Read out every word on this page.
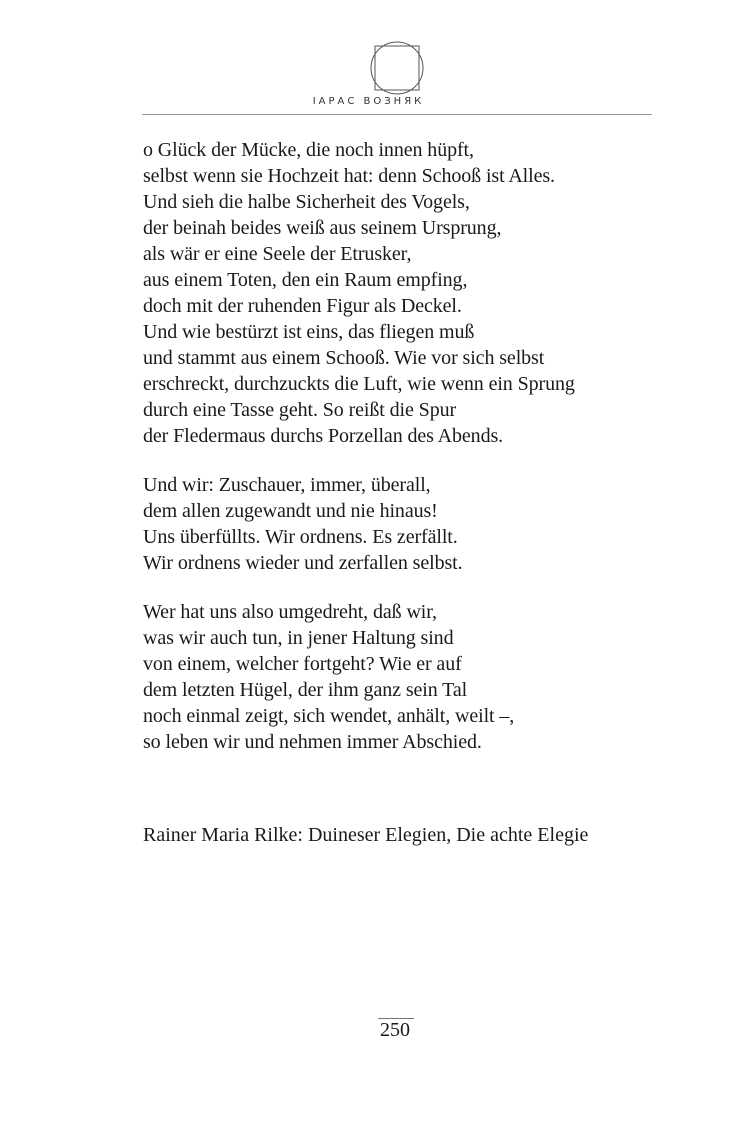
ІАРАС ВОЗНЯК
o Glück der Mücke, die noch innen hüpft,
selbst wenn sie Hochzeit hat: denn Schooß ist Alles.
Und sieh die halbe Sicherheit des Vogels,
der beinah beides weiß aus seinem Ursprung,
als wär er eine Seele der Etrusker,
aus einem Toten, den ein Raum empfing,
doch mit der ruhenden Figur als Deckel.
Und wie bestürzt ist eins, das fliegen muß
und stammt aus einem Schooß. Wie vor sich selbst
erschreckt, durchzuckts die Luft, wie wenn ein Sprung
durch eine Tasse geht. So reißt die Spur
der Fledermaus durchs Porzellan des Abends.
Und wir: Zuschauer, immer, überall,
dem allen zugewandt und nie hinaus!
Uns überfüllts. Wir ordnens. Es zerfällt.
Wir ordnens wieder und zerfallen selbst.
Wer hat uns also umgedreht, daß wir,
was wir auch tun, in jener Haltung sind
von einem, welcher fortgeht? Wie er auf
dem letzten Hügel, der ihm ganz sein Tal
noch einmal zeigt, sich wendet, anhält, weilt –,
so leben wir und nehmen immer Abschied.
Rainer Maria Rilke: Duineser Elegien, Die achte Elegie
250
